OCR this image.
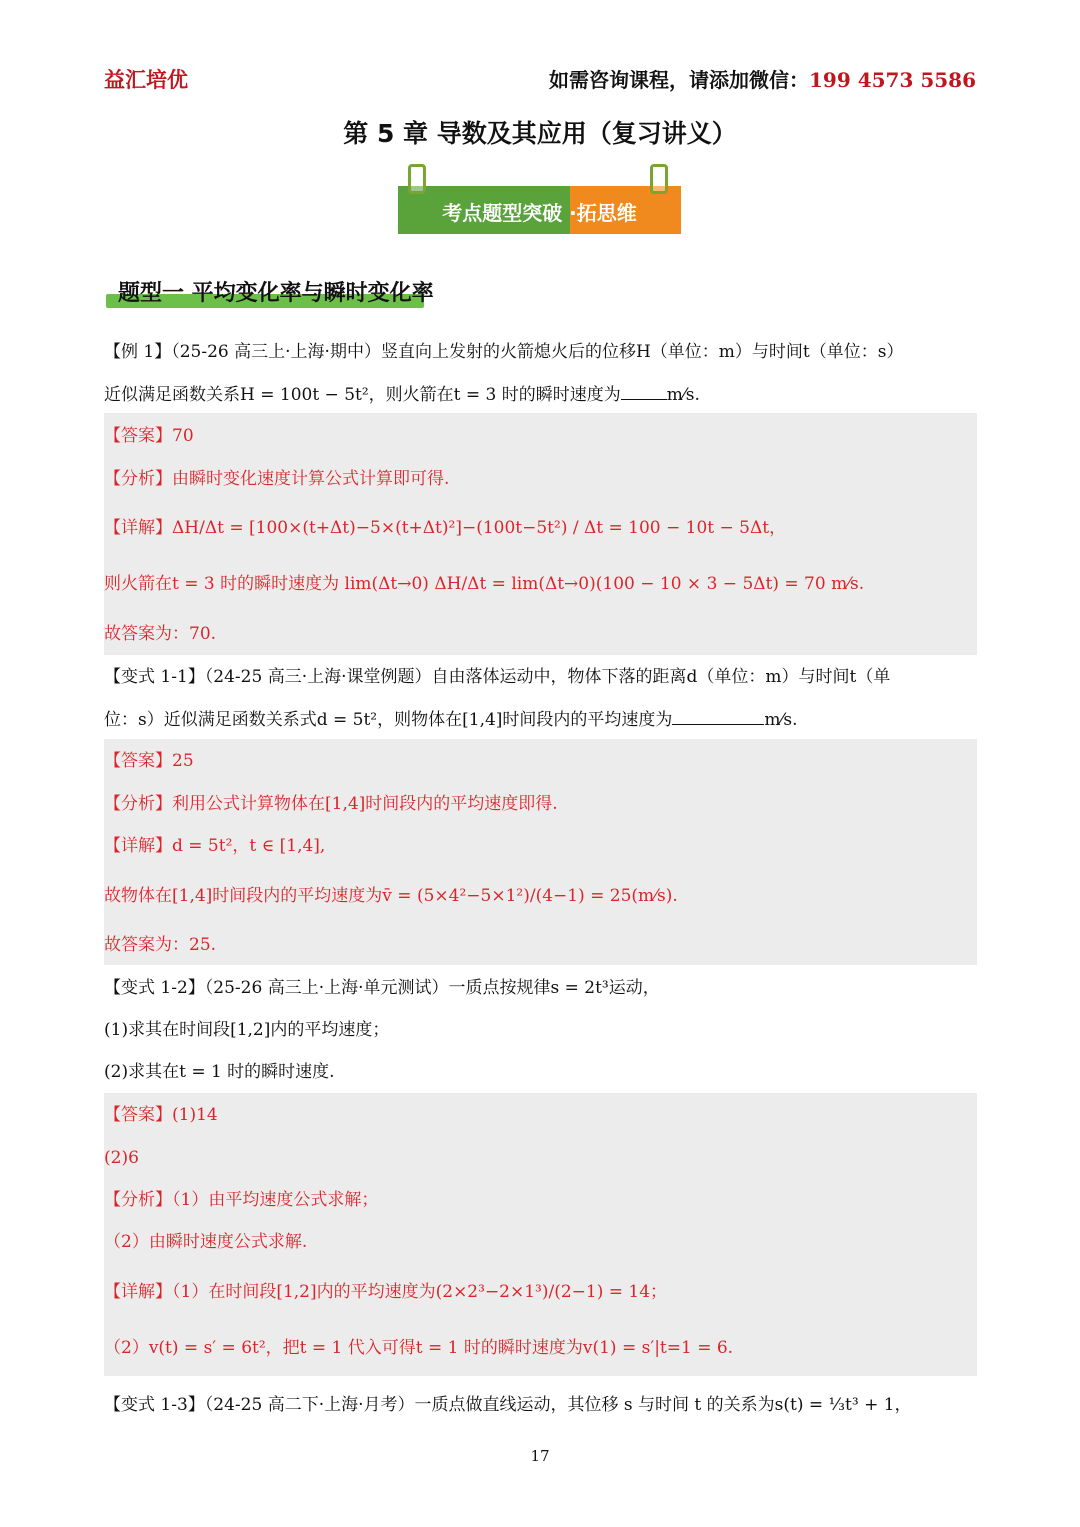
益汇培优	如需咨询课程，请添加微信：199 4573 5586
第 5 章 导数及其应用（复习讲义）
考点题型突破 ·拓思维
题型一 平均变化率与瞬时变化率
【例 1】（25-26 高三上·上海·期中）竖直向上发射的火箭熄火后的位移H（单位：m）与时间t（单位：s）
近似满足函数关系H = 100t − 5t²，则火箭在t = 3 时的瞬时速度为	m⁄s.
【答案】70
【分析】由瞬时变化速度计算公式计算即可得.
【详解】ΔH/Δt = [100×(t+Δt)−5×(t+Δt)²]−(100t−5t²) / Δt = 100 − 10t − 5Δt，
则火箭在t = 3 时的瞬时速度为 lim(Δt→0) ΔH/Δt = lim(Δt→0)(100 − 10 × 3 − 5Δt) = 70 m⁄s.
故答案为：70.
【变式 1-1】（24-25 高三·上海·课堂例题）自由落体运动中，物体下落的距离d（单位：m）与时间t（单
位：s）近似满足函数关系式d = 5t²，则物体在[1,4]时间段内的平均速度为	m⁄s.
【答案】25
【分析】利用公式计算物体在[1,4]时间段内的平均速度即得.
【详解】d = 5t²，t ∈ [1,4],
故物体在[1,4]时间段内的平均速度为v̄ = (5×4²−5×1²)/(4−1) = 25(m⁄s).
故答案为：25.
【变式 1-2】（25-26 高三上·上海·单元测试）一质点按规律s = 2t³运动，
(1)求其在时间段[1,2]内的平均速度；
(2)求其在t = 1 时的瞬时速度.
【答案】(1)14
(2)6
【分析】（1）由平均速度公式求解；
（2）由瞬时速度公式求解.
【详解】（1）在时间段[1,2]内的平均速度为(2×2³−2×1³)/(2−1) = 14；
（2）v(t) = s′ = 6t²，把t = 1 代入可得t = 1 时的瞬时速度为v(1) = s′|t=1 = 6.
【变式 1-3】（24-25 高二下·上海·月考）一质点做直线运动，其位移 s 与时间 t 的关系为s(t) = ⅓t³ + 1，
17
